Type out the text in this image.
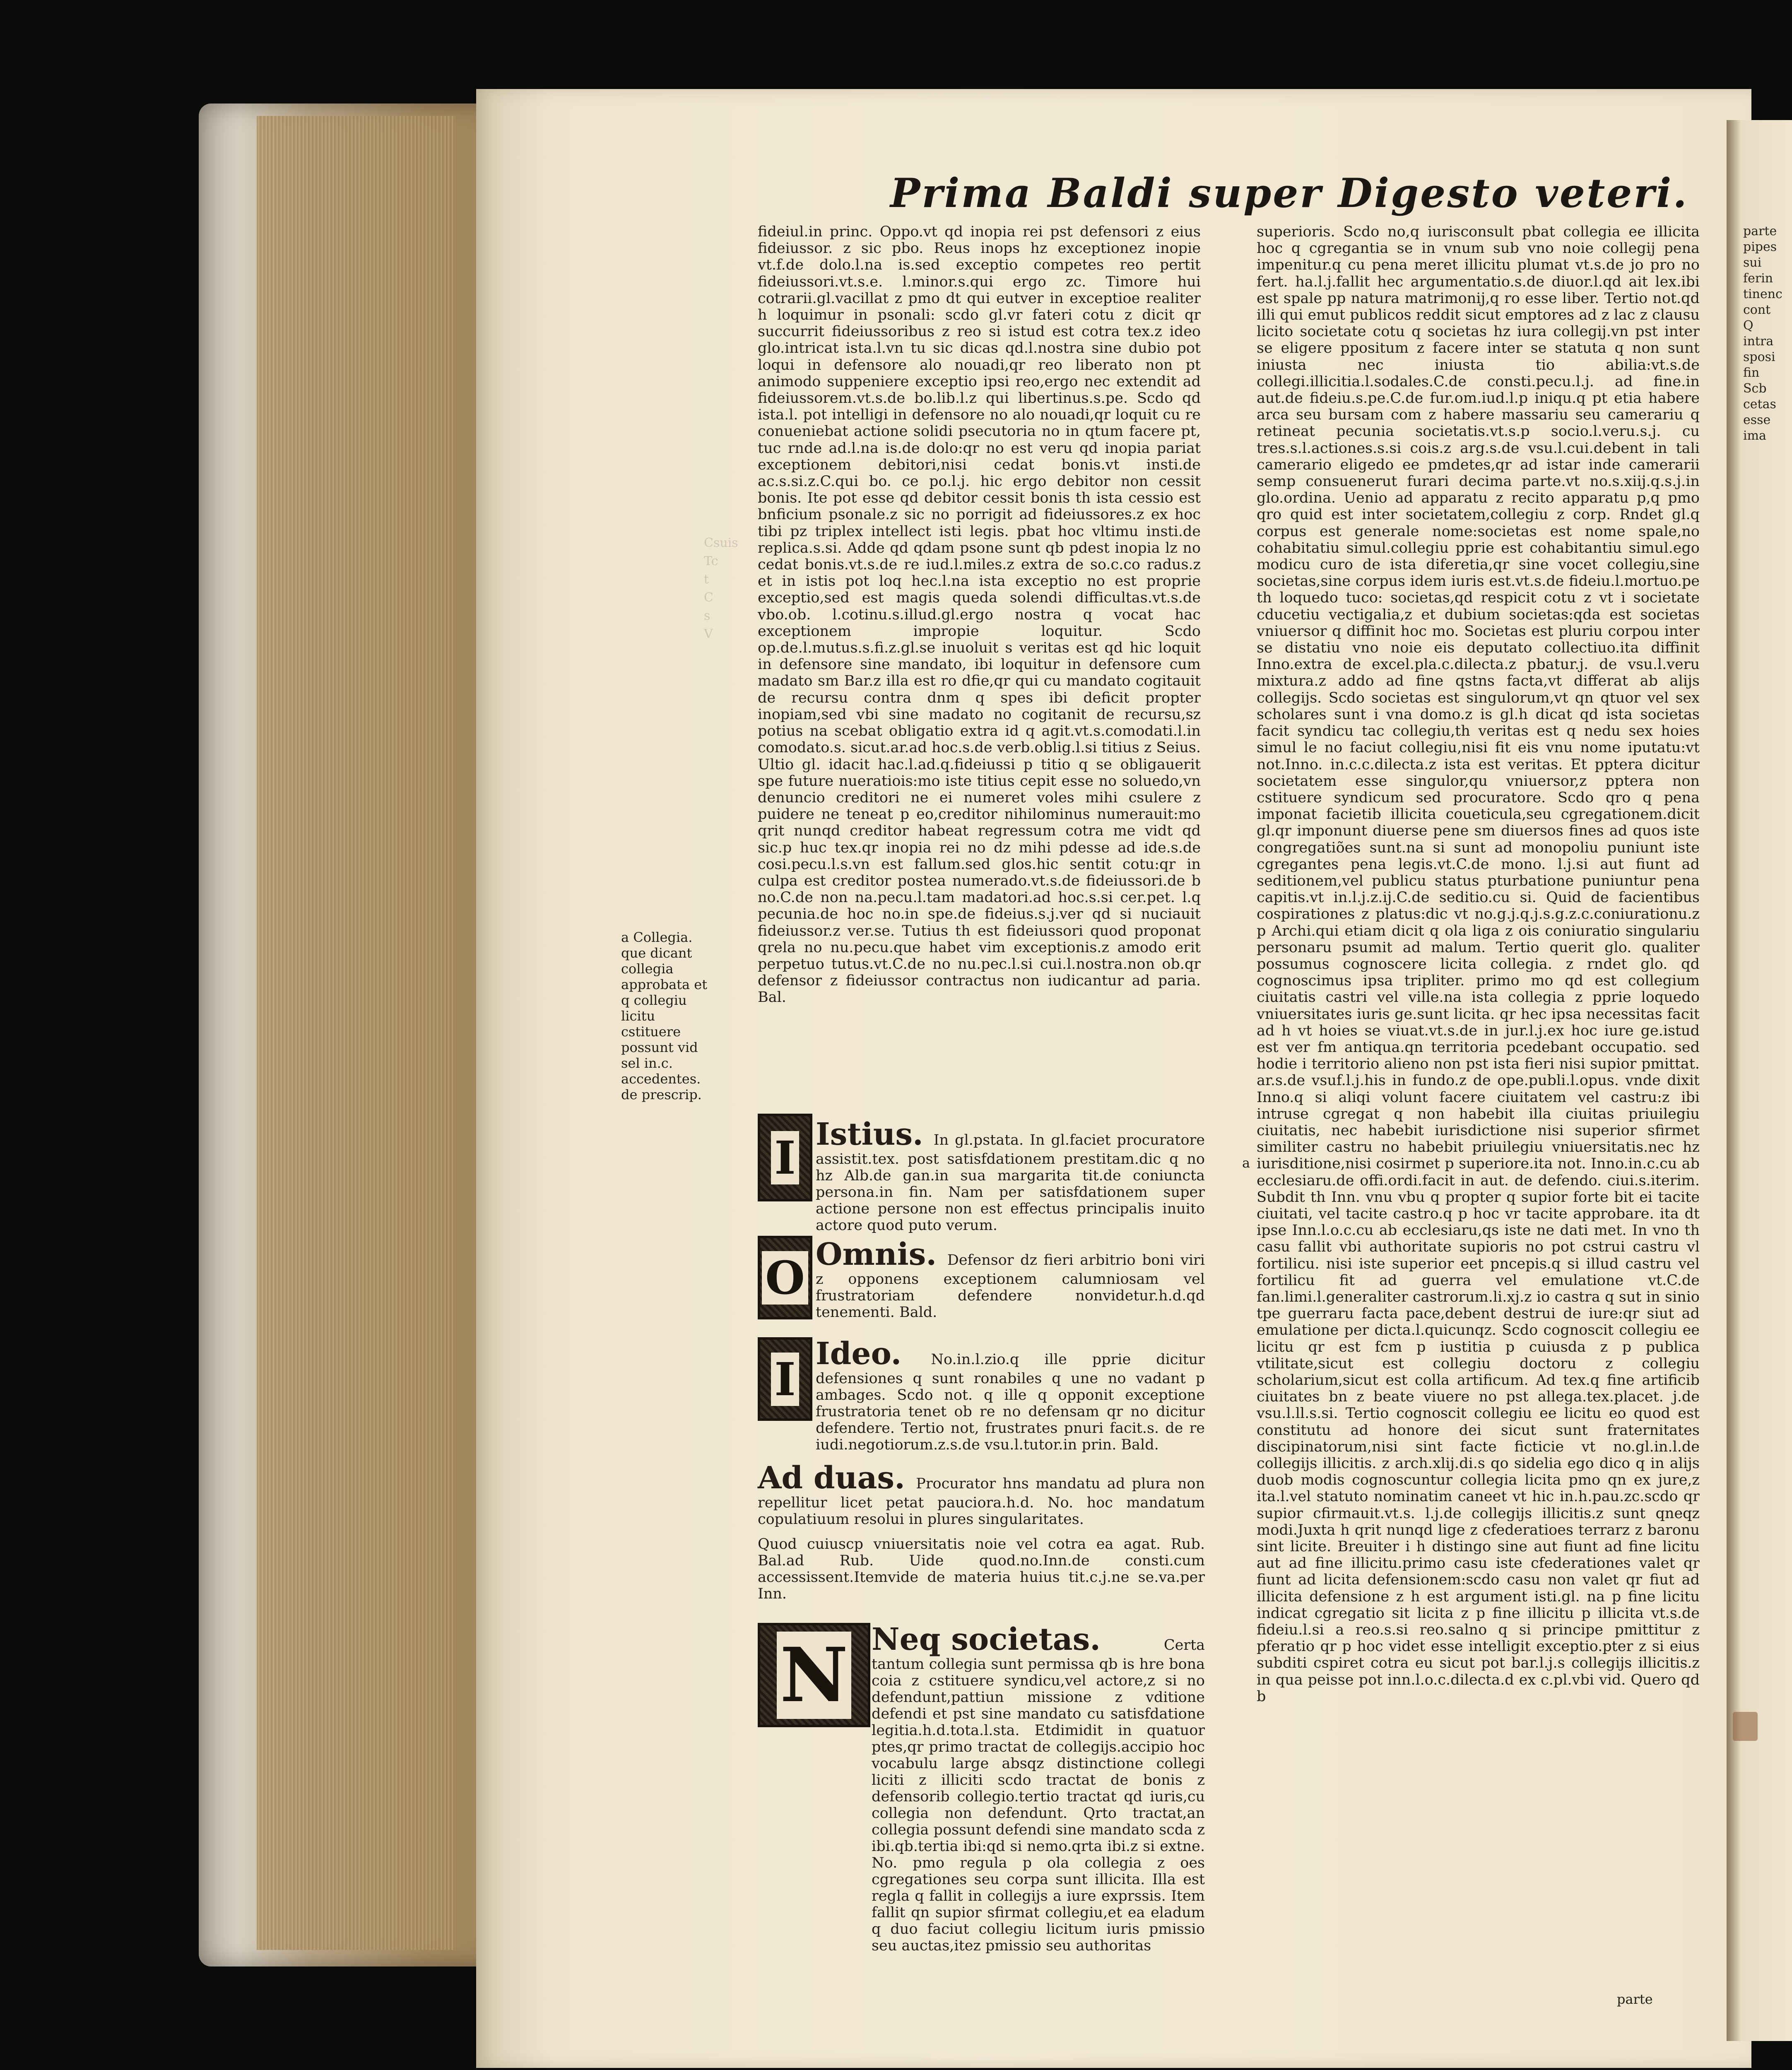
Csuis
Tc
t
C
s
V
Prima Baldi super Digesto veteri.

fideiul.in princ. Oppo.vt qd inopia rei pst defensori z eius fideiussor. z sic pbo. Reus inops hz exceptionez inopie vt.f.de dolo.l.na is.sed exceptio competes reo pertit fideiussori.vt.s.e. l.minor.s.qui ergo zc. Timore hui cotrarii.gl.vacillat z pmo dt qui eutver in exceptioe realiter h loquimur in psonali: scdo gl.vr fateri cotu z dicit qr succurrit fideiussoribus z reo si istud est cotra tex.z ideo glo.intricat ista.l.vn tu sic dicas qd.l.nostra sine dubio pot loqui in defensore alo nouadi,qr reo liberato non pt animodo suppeniere exceptio ipsi reo,ergo nec extendit ad fideiussorem.vt.s.de bo.lib.l.z qui libertinus.s.pe. Scdo qd ista.l. pot intelligi in defensore no alo nouadi,qr loquit cu re conueniebat actione solidi psecutoria no in qtum facere pt, tuc rnde ad.l.na is.de dolo:qr no est veru qd inopia pariat exceptionem debitori,nisi cedat bonis.vt insti.de ac.s.si.z.C.qui bo. ce po.l.j. hic ergo debitor non cessit bonis. Ite pot esse qd debitor cessit bonis th ista cessio est bnficium psonale.z sic no porrigit ad fideiussores.z ex hoc tibi pz triplex intellect isti legis. pbat hoc vltimu insti.de replica.s.si. Adde qd qdam psone sunt qb pdest inopia lz no cedat bonis.vt.s.de re iud.l.miles.z extra de so.c.co radus.z et in istis pot loq hec.l.na ista exceptio no est proprie exceptio,sed est magis queda solendi difficultas.vt.s.de vbo.ob. l.cotinu.s.illud.gl.ergo nostra q vocat hac exceptionem impropie loquitur. Scdo op.de.l.mutus.s.fi.z.gl.se inuoluit s veritas est qd hic loquit in defensore sine mandato, ibi loquitur in defensore cum madato sm Bar.z illa est ro dfie,qr qui cu mandato cogitauit de recursu contra dnm q spes ibi deficit propter inopiam,sed vbi sine madato no cogitanit de recursu,sz potius na scebat obligatio extra id q agit.vt.s.comodati.l.in comodato.s. sicut.ar.ad hoc.s.de verb.oblig.l.si titius z Seius. Ultio gl. idacit hac.l.ad.q.fideiussi p titio q se obligauerit spe future nueratiois:mo iste titius cepit esse no soluedo,vn denuncio creditori ne ei numeret voles mihi csulere z puidere ne teneat p eo,creditor nihilominus numerauit:mo qrit nunqd creditor habeat regressum cotra me vidt qd sic.p huc tex.qr inopia rei no dz mihi pdesse ad ide.s.de cosi.pecu.l.s.vn est fallum.sed glos.hic sentit cotu:qr in culpa est creditor postea numerado.vt.s.de fideiussori.de b no.C.de non na.pecu.l.tam madatori.ad hoc.s.si cer.pet. l.q pecunia.de hoc no.in spe.de fideius.s.j.ver qd si nuciauit fideiussor.z ver.se. Tutius th est fideiussori quod proponat qrela no nu.pecu.que habet vim exceptionis.z amodo erit perpetuo tutus.vt.C.de no nu.pec.l.si cui.l.nostra.non ob.qr defensor z fideiussor contractus non iudicantur ad paria. Bal.

a Collegia. que dicant collegia approbata et q collegiu licitu cstituere possunt vid sel in.c. accedentes. de prescrip.
Istius. In gl.pstata. In gl.faciet procuratore assistit.tex. post satisfdationem prestitam.dic q no hz Alb.de gan.in sua margarita tit.de coniuncta persona.in fin. Nam per satisfdationem super actione persone non est effectus principalis inuito actore quod puto verum.
I
Omnis. Defensor dz fieri arbitrio boni viri z opponens exceptionem calumniosam vel frustratoriam defendere nonvidetur.h.d.qd tenementi. Bald.
O
Ideo. No.in.l.zio.q ille pprie dicitur defensiones q sunt ronabiles q une no vadant p ambages. Scdo not. q ille q opponit exceptione frustratoria tenet ob re no defensam qr no dicitur defendere. Tertio not, frustrates pnuri facit.s. de re iudi.negotiorum.z.s.de vsu.l.tutor.in prin. Bald.
I
Ad duas. Procurator hns mandatu ad plura non repellitur licet petat pauciora.h.d. No. hoc mandatum copulatiuum resolui in plures singularitates.
Quod cuiuscp vniuersitatis noie vel cotra ea agat. Rub. Bal.ad Rub. Uide quod.no.Inn.de consti.cum accessissent.Itemvide de materia huius tit.c.j.ne se.va.per Inn.
Neq societas.	Certa tantum collegia sunt permissa qb is hre bona coia z cstituere syndicu,vel actore,z si no defendunt,pattiun missione z vditione defendi et pst sine mandato cu satisfdatione legitia.h.d.tota.l.sta. Etdimidit in quatuor ptes,qr primo tractat de collegijs.accipio hoc vocabulu large absqz distinctione collegi liciti z illiciti scdo tractat de bonis z defensorib collegio.tertio tractat qd iuris,cu collegia non defendunt. Qrto tractat,an collegia possunt defendi sine mandato scda z ibi.qb.tertia ibi:qd si nemo.qrta ibi.z si extne. No. pmo regula p ola collegia z oes cgregationes seu corpa sunt illicita. Illa est regla q fallit in collegijs a iure exprssis. Item fallit qn supior sfirmat collegiu,et ea eladum q duo faciut collegiu licitum iuris pmissio seu auctas,itez pmissio seu authoritas
N

superioris. Scdo no,q iurisconsult pbat collegia ee illicita hoc q cgregantia se in vnum sub vno noie collegij pena impenitur.q cu pena meret illicitu plumat vt.s.de jo pro no fert. ha.l.j.fallit hec argumentatio.s.de diuor.l.qd ait lex.ibi est spale pp natura matrimonij,q ro esse liber. Tertio not.qd illi qui emut publicos reddit sicut emptores ad z lac z clausu licito societate cotu q societas hz iura collegij.vn pst inter se eligere ppositum z facere inter se statuta q non sunt iniusta nec iniusta tio abilia:vt.s.de collegi.illicitia.l.sodales.C.de consti.pecu.l.j. ad fine.in aut.de fideiu.s.pe.C.de fur.om.iud.l.p iniqu.q pt etia habere arca seu bursam com z habere massariu seu camerariu q retineat pecunia societatis.vt.s.p socio.l.veru.s.j. cu tres.s.l.actiones.s.si cois.z arg.s.de vsu.l.cui.debent in tali camerario eligedo ee pmdetes,qr ad istar inde camerarii semp consuenerut furari decima parte.vt no.s.xiij.q.s.j.in glo.ordina. Uenio ad apparatu z recito apparatu p,q pmo qro quid est inter societatem,collegiu z corp. Rndet gl.q corpus est generale nome:societas est nome spale,no cohabitatiu simul.collegiu pprie est cohabitantiu simul.ego modicu curo de ista diferetia,qr sine vocet collegiu,sine societas,sine corpus idem iuris est.vt.s.de fideiu.l.mortuo.pe th loquedo tuco: societas,qd respicit cotu z vt i societate cducetiu vectigalia,z et dubium societas:qda est societas vniuersor q diffinit hoc mo. Societas est pluriu corpou inter se distatiu vno noie eis deputato collectiuo.ita diffinit Inno.extra de excel.pla.c.dilecta.z pbatur.j. de vsu.l.veru mixtura.z addo ad fine qstns facta,vt differat ab alijs collegijs. Scdo societas est singulorum,vt qn qtuor vel sex scholares sunt i vna domo.z is gl.h dicat qd ista societas facit syndicu tac collegiu,th veritas est q nedu sex hoies simul le no faciut collegiu,nisi fit eis vnu nome iputatu:vt not.Inno. in.c.c.dilecta.z ista est veritas. Et pptera dicitur societatem esse singulor,qu vniuersor,z pptera non cstituere syndicum sed procuratore. Scdo qro q pena imponat facietib illicita coueticula,seu cgregationem.dicit gl.qr imponunt diuerse pene sm diuersos fines ad quos iste congregatiões sunt.na si sunt ad monopoliu puniunt iste cgregantes pena legis.vt.C.de mono. l.j.si aut fiunt ad seditionem,vel publicu status pturbatione puniuntur pena capitis.vt in.l.j.z.ij.C.de seditio.cu si. Quid de facientibus cospirationes z platus:dic vt no.g.j.q.j.s.g.z.c.coniurationu.z p Archi.qui etiam dicit q ola liga z ois coniuratio singulariu personaru psumit ad malum. Tertio querit glo. qualiter possumus cognoscere licita collegia. z rndet glo. qd cognoscimus ipsa tripliter. primo mo qd est collegium ciuitatis castri vel ville.na ista collegia z pprie loquedo vniuersitates iuris ge.sunt licita. qr hec ipsa necessitas facit ad h vt hoies se viuat.vt.s.de in jur.l.j.ex hoc iure ge.istud est ver fm antiqua.qn territoria pcedebant occupatio. sed hodie i territorio alieno non pst ista fieri nisi supior pmittat. ar.s.de vsuf.l.j.his in fundo.z de ope.publi.l.opus. vnde dixit Inno.q si aliqi volunt facere ciuitatem vel castru:z ibi intruse cgregat q non habebit illa ciuitas priuilegiu ciuitatis, nec habebit iurisdictione nisi superior sfirmet similiter castru no habebit priuilegiu vniuersitatis.nec hz iurisditione,nisi cosirmet p superiore.ita not. Inno.in.c.cu ab ecclesiaru.de offi.ordi.facit in aut. de defendo. ciui.s.iterim. Subdit th Inn. vnu vbu q propter q supior forte bit ei tacite ciuitati, vel tacite castro.q p hoc vr tacite approbare. ita dt ipse Inn.l.o.c.cu ab ecclesiaru,qs iste ne dati met. In vno th casu fallit vbi authoritate supioris no pot cstrui castru vl fortilicu. nisi iste superior eet pncepis.q si illud castru vel fortilicu fit ad guerra vel emulatione vt.C.de fan.limi.l.generaliter castrorum.li.xj.z io castra q sut in sinio tpe guerraru facta pace,debent destrui de iure:qr siut ad emulatione per dicta.l.quicunqz. Scdo cognoscit collegiu ee licitu qr est fcm p iustitia p cuiusda z p publica vtilitate,sicut est collegiu doctoru z collegiu scholarium,sicut est colla artificum. Ad tex.q fine artificib ciuitates bn z beate viuere no pst allega.tex.placet. j.de vsu.l.ll.s.si. Tertio cognoscit collegiu ee licitu eo quod est constitutu ad honore dei sicut sunt fraternitates discipinatorum,nisi sint facte ficticie vt no.gl.in.l.de collegijs illicitis. z arch.xlij.di.s qo sidelia ego dico q in alijs duob modis cognoscuntur collegia licita pmo qn ex jure,z ita.l.vel statuto nominatim caneet vt hic in.h.pau.zc.scdo qr supior cfirmauit.vt.s. l.j.de collegijs illicitis.z sunt qneqz modi.Juxta h qrit nunqd lige z cfederatioes terrarz z baronu sint licite. Breuiter i h distingo sine aut fiunt ad fine licitu aut ad fine illicitu.primo casu iste cfederationes valet qr fiunt ad licita defensionem:scdo casu non valet qr fiut ad illicita defensione z h est argument isti.gl. na p fine licitu indicat cgregatio sit licita z p fine illicitu p illicita vt.s.de fideiu.l.si a reo.s.si reo.salno q si principe pmittitur z pferatio qr p hoc videt esse intelligit exceptio.pter z si eius subditi cspiret cotra eu sicut pot bar.l.j.s collegijs illicitis.z in qua peisse pot inn.l.o.c.dilecta.d ex c.pl.vbi vid. Quero qd b

a
parte
parte
pipes
sui
ferin
tinenc
cont
Q
intra
sposi
fin
Scb
cetas
esse
ima
